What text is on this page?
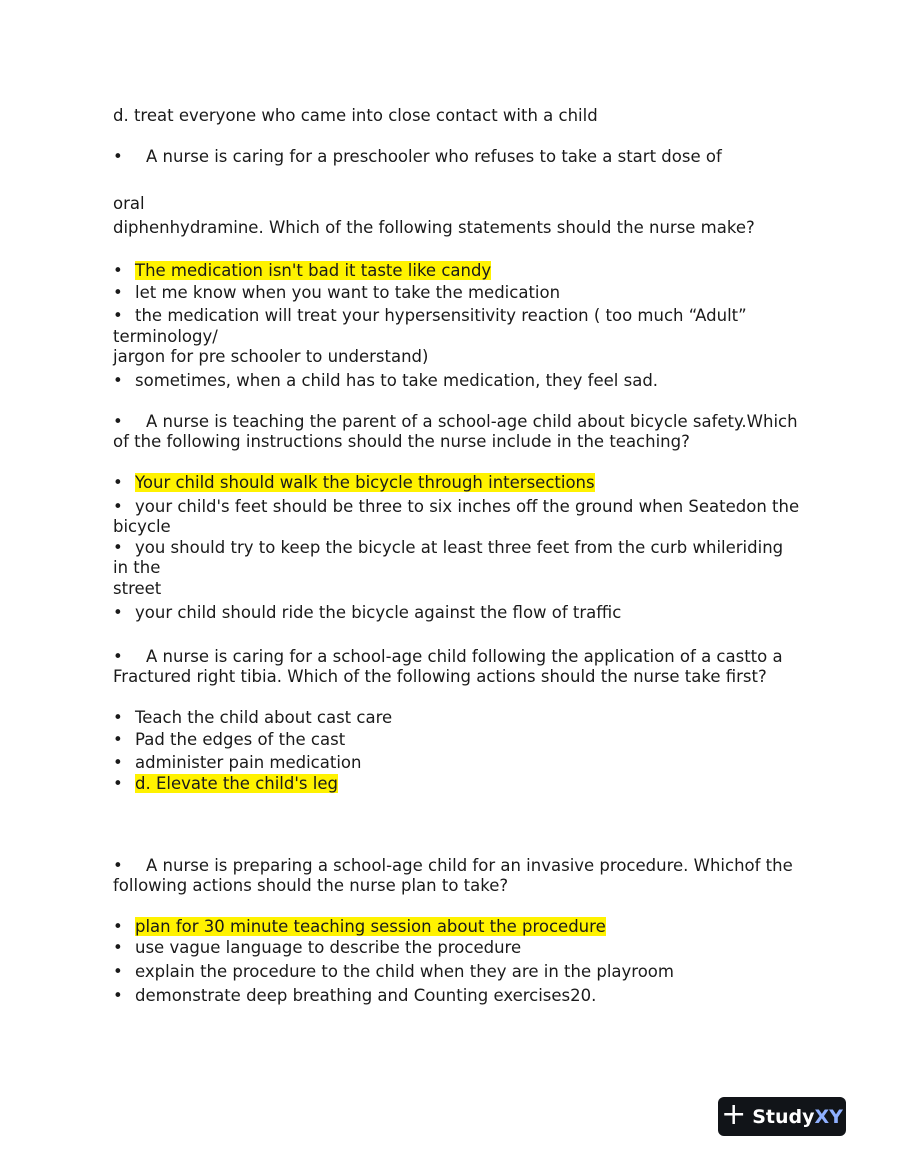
d. treat everyone who came into close contact with a child
• A nurse is caring for a preschooler who refuses to take a start dose of
oral
diphenhydramine. Which of the following statements should the nurse make?
• The medication isn't bad it taste like candy
• let me know when you want to take the medication
• the medication will treat your hypersensitivity reaction ( too much “Adult”
terminology/
jargon for pre schooler to understand)
• sometimes, when a child has to take medication, they feel sad.
• A nurse is teaching the parent of a school-age child about bicycle safety.Which
of the following instructions should the nurse include in the teaching?
• Your child should walk the bicycle through intersections
• your child's feet should be three to six inches off the ground when Seatedon the
bicycle
• you should try to keep the bicycle at least three feet from the curb whileriding
in the
street
• your child should ride the bicycle against the flow of traffic
• A nurse is caring for a school-age child following the application of a castto a
Fractured right tibia. Which of the following actions should the nurse take first?
• Teach the child about cast care
• Pad the edges of the cast
• administer pain medication
• d. Elevate the child's leg
• A nurse is preparing a school-age child for an invasive procedure. Whichof the
following actions should the nurse plan to take?
• plan for 30 minute teaching session about the procedure
• use vague language to describe the procedure
• explain the procedure to the child when they are in the playroom
• demonstrate deep breathing and Counting exercises20.
+ StudyXY
